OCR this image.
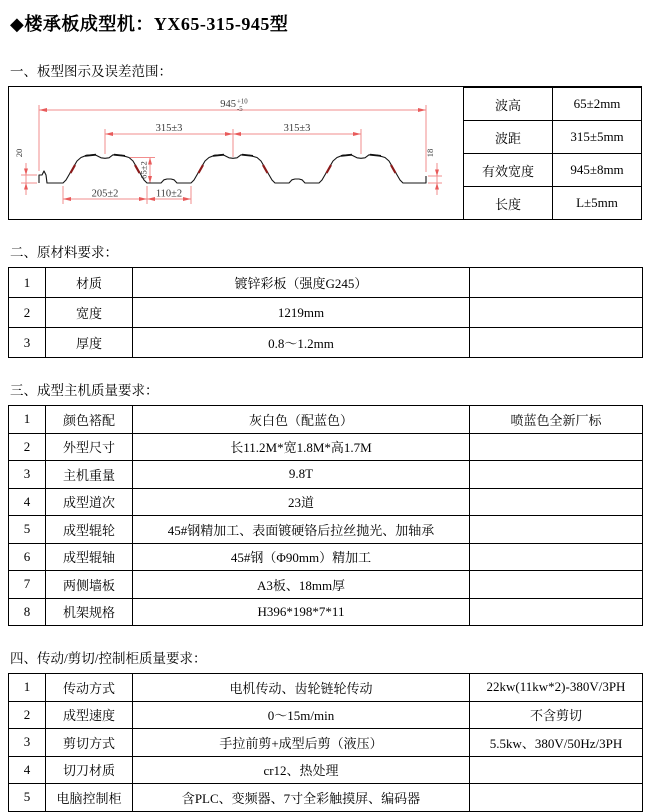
◆楼承板成型机：YX65-315-945型
一、板型图示及误差范围：
945 +10
-5
315±3	315±3
65±2
205±2	110±2
20	18
波高	65±2mm
波距	315±5mm
有效宽度	945±8mm
长度	L±5mm
二、原材料要求：
1	材质	镀锌彩板（强度G245）	
2	宽度	1219mm	
3	厚度	0.8～1.2mm	
三、成型主机质量要求：
1	颜色褡配	灰白色（配蓝色）	喷蓝色全新厂标
2	外型尺寸	长11.2M*宽1.8M*高1.7M	
3	主机重量	9.8T	
4	成型道次	23道	
5	成型辊轮	45#钢精加工、表面镀硬铬后拉丝抛光、加轴承	
6	成型辊轴	45#钢（Φ90mm）精加工	
7	两侧墙板	A3板、18mm厚	
8	机架规格	H396*198*7*11	
四、传动/剪切/控制柜质量要求：
1	传动方式	电机传动、齿轮链轮传动	22kw(11kw*2)-380V/3PH
2	成型速度	0～15m/min	不含剪切
3	剪切方式	手拉前剪+成型后剪（液压）	5.5kw、380V/50Hz/3PH
4	切刀材质	cr12、热处理	
5	电脑控制柜	含PLC、变频器、7寸全彩触摸屏、编码器	
